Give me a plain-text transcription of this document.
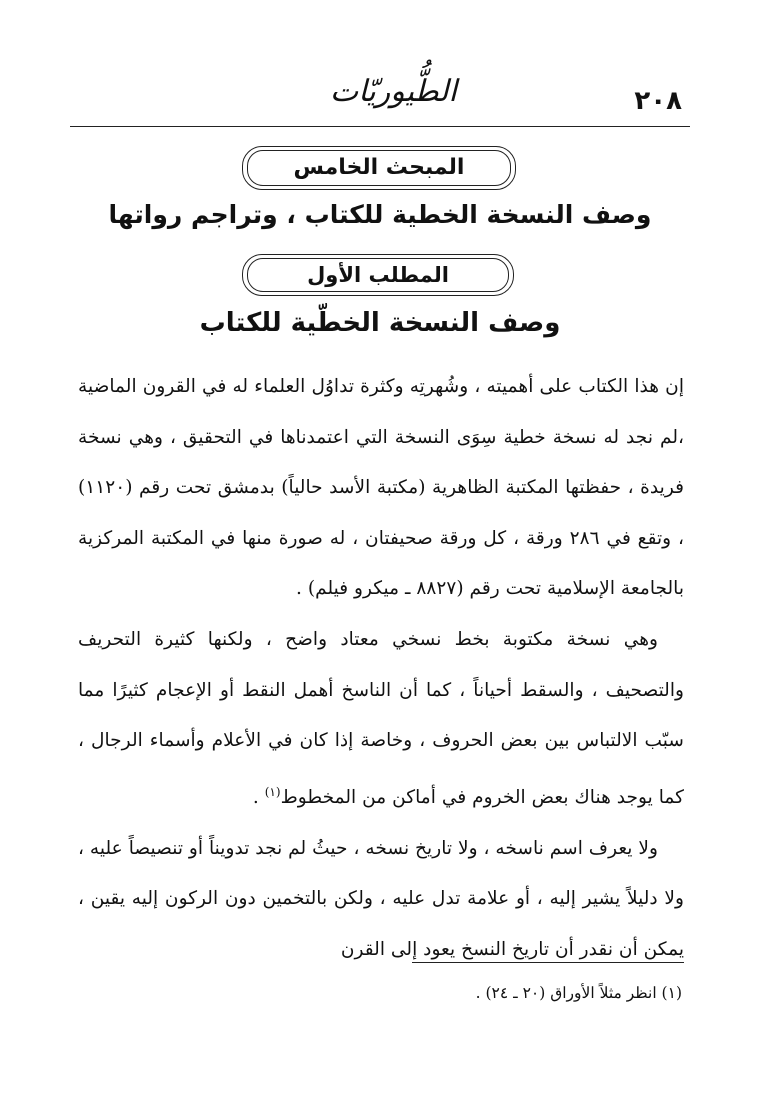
٢٠٨
الطُّيوريّات
المبحث الخامس
وصف النسخة الخطية للكتاب ، وتراجم رواتها
المطلب الأول
وصف النسخة الخطّية للكتاب

إن هذا الكتاب على أهميته ، وشُهرتِه وكثرة تداوُل العلماء له في القرون الماضية ،لم نجد له نسخة خطية سِوَى النسخة التي اعتمدناها في التحقيق ، وهي نسخة فريدة ، حفظتها المكتبة الظاهرية (مكتبة الأسد حالياً) بدمشق تحت رقم (١١٢٠) ، وتقع في ٢٨٦ ورقة ، كل ورقة صحيفتان ، له صورة منها في المكتبة المركزية بالجامعة الإسلامية تحت رقم (٨٨٢٧ ـ ميكرو فيلم) .

وهي نسخة مكتوبة بخط نسخي معتاد واضح ، ولكنها كثيرة التحريف والتصحيف ، والسقط أحياناً ، كما أن الناسخ أهمل النقط أو الإعجام كثيرًا مما سبّب الالتباس بين بعض الحروف ، وخاصة إذا كان في الأعلام وأسماء الرجال ، كما يوجد هناك بعض الخروم في أماكن من المخطوط$^{(١)}$ .

ولا يعرف اسم ناسخه ، ولا تاريخ نسخه ، حيثُ لم نجد تدويناً أو تنصيصاً عليه ، ولا دليلاً يشير إليه ، أو علامة تدل عليه ، ولكن بالتخمين دون الركون إليه يقين ، يمكن أن نقدر أن تاريخ النسخ يعود إلى القرن

(١) انظر مثلاً الأوراق (٢٠ ـ ٢٤) .
